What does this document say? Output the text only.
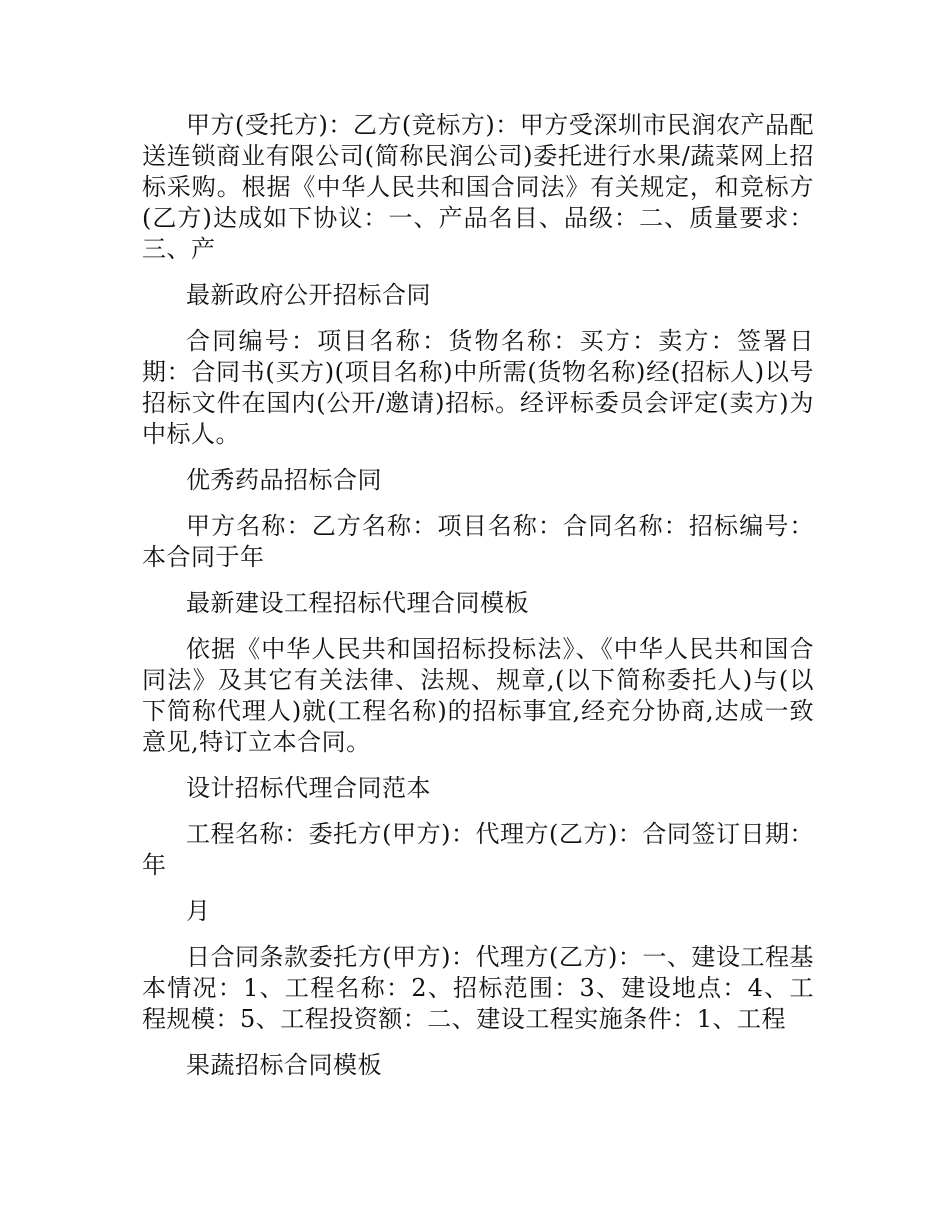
甲方(受托方)：乙方(竞标方)：甲方受深圳市民润农产品配送连锁商业有限公司(简称民润公司)委托进行水果/蔬菜网上招标采购。根据《中华人民共和国合同法》有关规定，和竞标方(乙方)达成如下协议：一、产品名目、品级：二、质量要求：三、产

最新政府公开招标合同

合同编号：项目名称：货物名称：买方：卖方：签署日期：合同书(买方)(项目名称)中所需(货物名称)经(招标人)以号招标文件在国内(公开/邀请)招标。经评标委员会评定(卖方)为中标人。

优秀药品招标合同

甲方名称：乙方名称：项目名称：合同名称：招标编号：本合同于年

最新建设工程招标代理合同模板

依据《中华人民共和国招标投标法》、《中华人民共和国合同法》及其它有关法律、法规、规章,(以下简称委托人)与(以下简称代理人)就(工程名称)的招标事宜,经充分协商,达成一致意见,特订立本合同。

设计招标代理合同范本

工程名称：委托方(甲方)：代理方(乙方)：合同签订日期：年

月

日合同条款委托方(甲方)：代理方(乙方)：一、建设工程基本情况：1、工程名称：2、招标范围：3、建设地点：4、工程规模：5、工程投资额：二、建设工程实施条件：1、工程

果蔬招标合同模板
